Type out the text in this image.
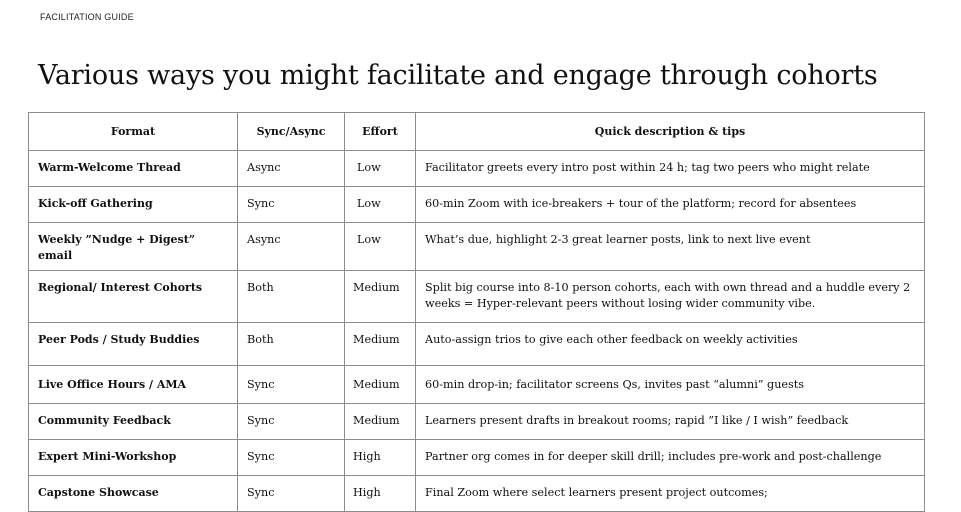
FACILITATION GUIDE
Various ways you might facilitate and engage through cohorts
Format	Sync/Async	Effort	Quick description & tips
Warm-Welcome Thread	Async	Low	Facilitator greets every intro post within 24 h; tag two peers who might relate
Kick-off Gathering	Sync	Low	60-min Zoom with ice-breakers + tour of the platform; record for absentees
Weekly ”Nudge + Digest” email	Async	Low	What’s due, highlight 2-3 great learner posts, link to next live event
Regional/ Interest Cohorts	Both	Medium	Split big course into 8-10 person cohorts, each with own thread and a huddle every 2 weeks = Hyper-relevant peers without losing wider community vibe.
Peer Pods / Study Buddies	Both	Medium	Auto-assign trios to give each other feedback on weekly activities
Live Office Hours / AMA	Sync	Medium	60-min drop-in; facilitator screens Qs, invites past “alumni” guests
Community Feedback	Sync	Medium	Learners present drafts in breakout rooms; rapid ”I like / I wish” feedback
Expert Mini-Workshop	Sync	High	Partner org comes in for deeper skill drill; includes pre-work and post-challenge
Capstone Showcase	Sync	High	Final Zoom where select learners present project outcomes;
